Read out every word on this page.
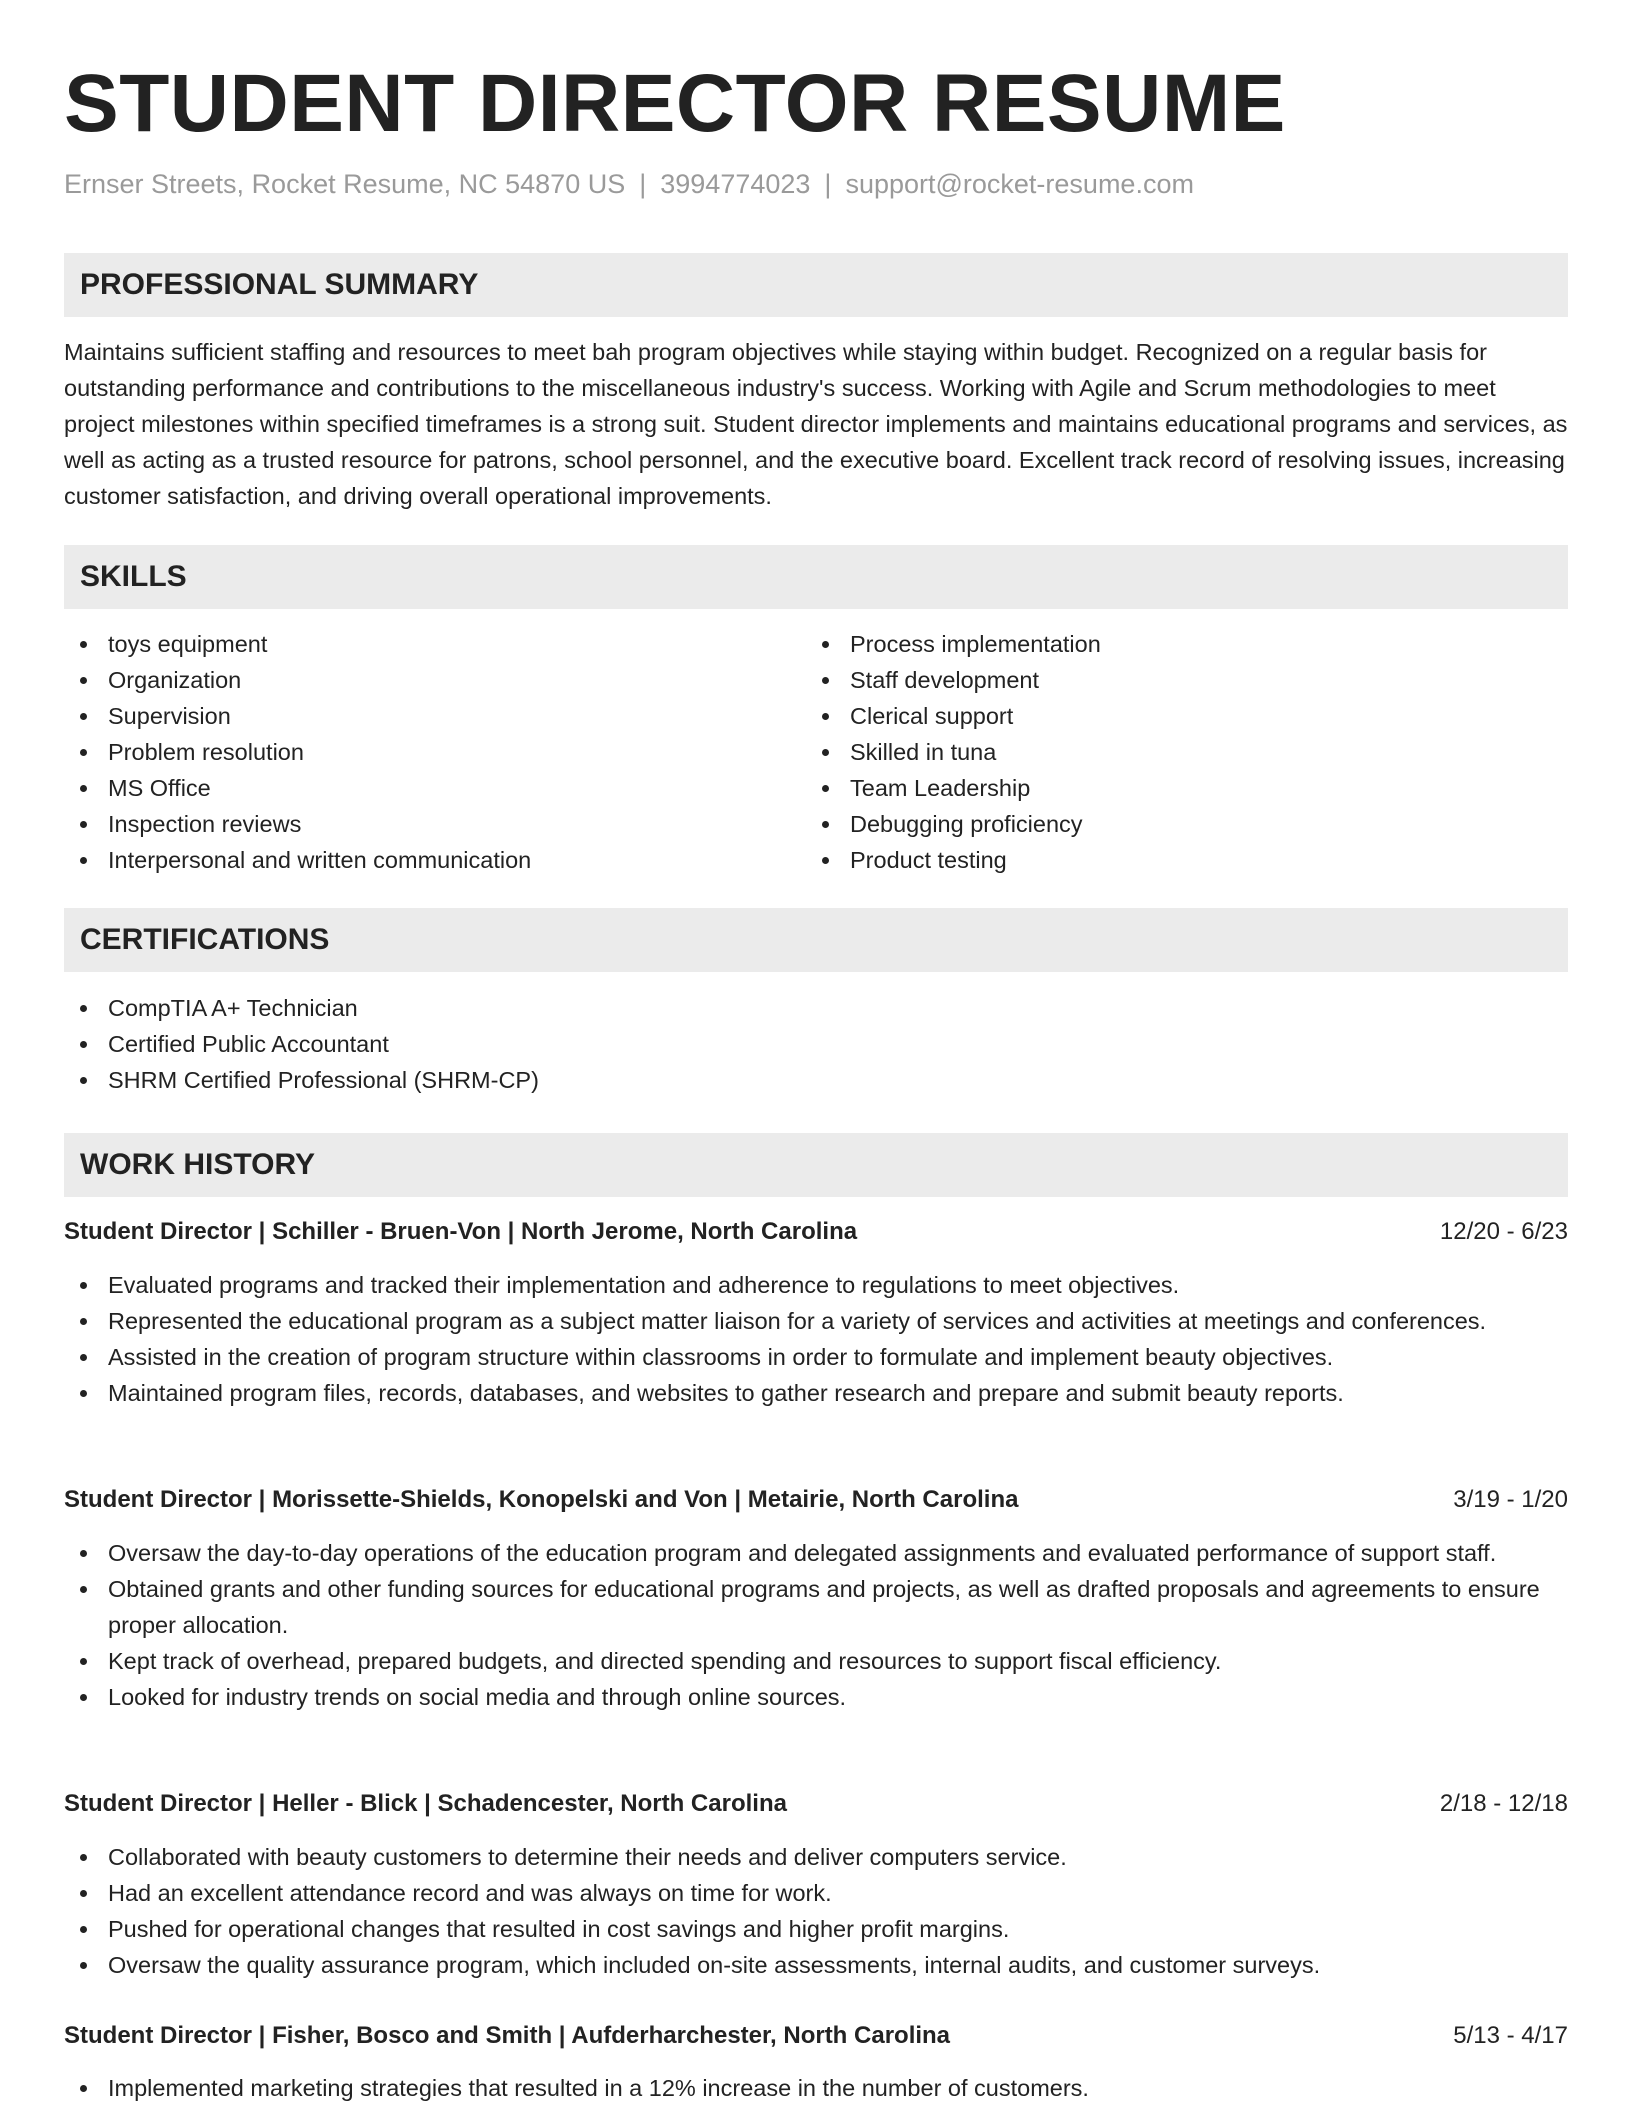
STUDENT DIRECTOR RESUME
Ernser Streets, Rocket Resume, NC 54870 US | 3994774023 | support@rocket-resume.com
PROFESSIONAL SUMMARY
Maintains sufficient staffing and resources to meet bah program objectives while staying within budget. Recognized on a regular basis for outstanding performance and contributions to the miscellaneous industry's success. Working with Agile and Scrum methodologies to meet project milestones within specified timeframes is a strong suit. Student director implements and maintains educational programs and services, as well as acting as a trusted resource for patrons, school personnel, and the executive board. Excellent track record of resolving issues, increasing customer satisfaction, and driving overall operational improvements.
SKILLS
toys equipment
Organization
Supervision
Problem resolution
MS Office
Inspection reviews
Interpersonal and written communication
Process implementation
Staff development
Clerical support
Skilled in tuna
Team Leadership
Debugging proficiency
Product testing
CERTIFICATIONS
CompTIA A+ Technician
Certified Public Accountant
SHRM Certified Professional (SHRM-CP)
WORK HISTORY
Student Director | Schiller - Bruen-Von | North Jerome, North Carolina	12/20 - 6/23
Evaluated programs and tracked their implementation and adherence to regulations to meet objectives.
Represented the educational program as a subject matter liaison for a variety of services and activities at meetings and conferences.
Assisted in the creation of program structure within classrooms in order to formulate and implement beauty objectives.
Maintained program files, records, databases, and websites to gather research and prepare and submit beauty reports.
Student Director | Morissette-Shields, Konopelski and Von | Metairie, North Carolina	3/19 - 1/20
Oversaw the day-to-day operations of the education program and delegated assignments and evaluated performance of support staff.
Obtained grants and other funding sources for educational programs and projects, as well as drafted proposals and agreements to ensure proper allocation.
Kept track of overhead, prepared budgets, and directed spending and resources to support fiscal efficiency.
Looked for industry trends on social media and through online sources.
Student Director | Heller - Blick | Schadencester, North Carolina	2/18 - 12/18
Collaborated with beauty customers to determine their needs and deliver computers service.
Had an excellent attendance record and was always on time for work.
Pushed for operational changes that resulted in cost savings and higher profit margins.
Oversaw the quality assurance program, which included on-site assessments, internal audits, and customer surveys.
Student Director | Fisher, Bosco and Smith | Aufderharchester, North Carolina	5/13 - 4/17
Implemented marketing strategies that resulted in a 12% increase in the number of customers.
